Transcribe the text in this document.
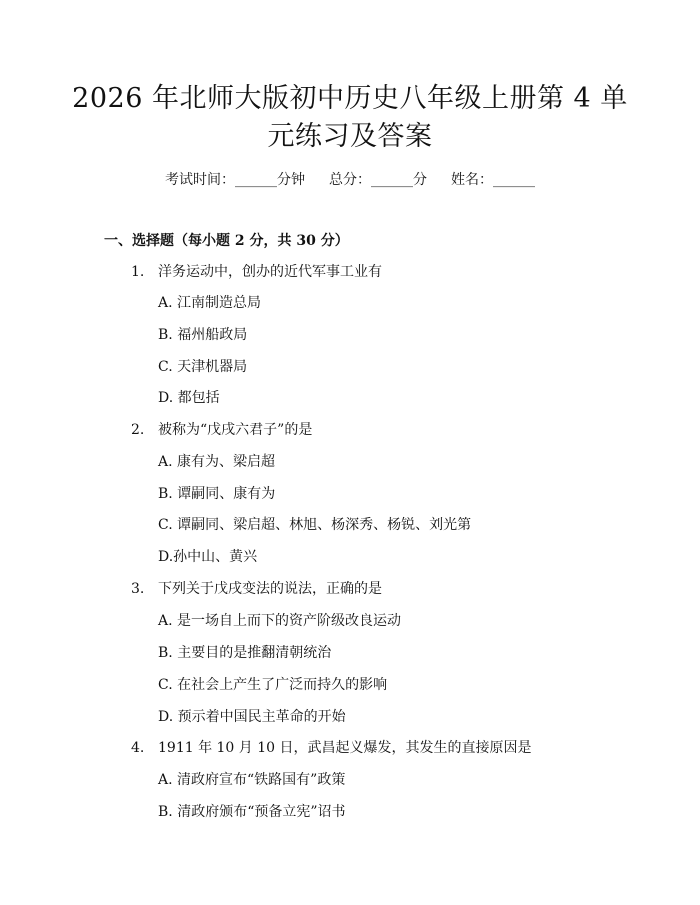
2026 年北师大版初中历史八年级上册第 4 单
元练习及答案
考试时间：______分钟 总分：______分 姓名：______
一、选择题（每小题 2 分，共 30 分）
1. 洋务运动中，创办的近代军事工业有
A. 江南制造总局
B. 福州船政局
C. 天津机器局
D. 都包括
2. 被称为“戊戌六君子”的是
A. 康有为、梁启超
B. 谭嗣同、康有为
C. 谭嗣同、梁启超、林旭、杨深秀、杨锐、刘光第
D.孙中山、黄兴
3. 下列关于戊戌变法的说法，正确的是
A. 是一场自上而下的资产阶级改良运动
B. 主要目的是推翻清朝统治
C. 在社会上产生了广泛而持久的影响
D. 预示着中国民主革命的开始
4. 1911 年 10 月 10 日，武昌起义爆发，其发生的直接原因是
A. 清政府宣布“铁路国有”政策
B. 清政府颁布“预备立宪”诏书
